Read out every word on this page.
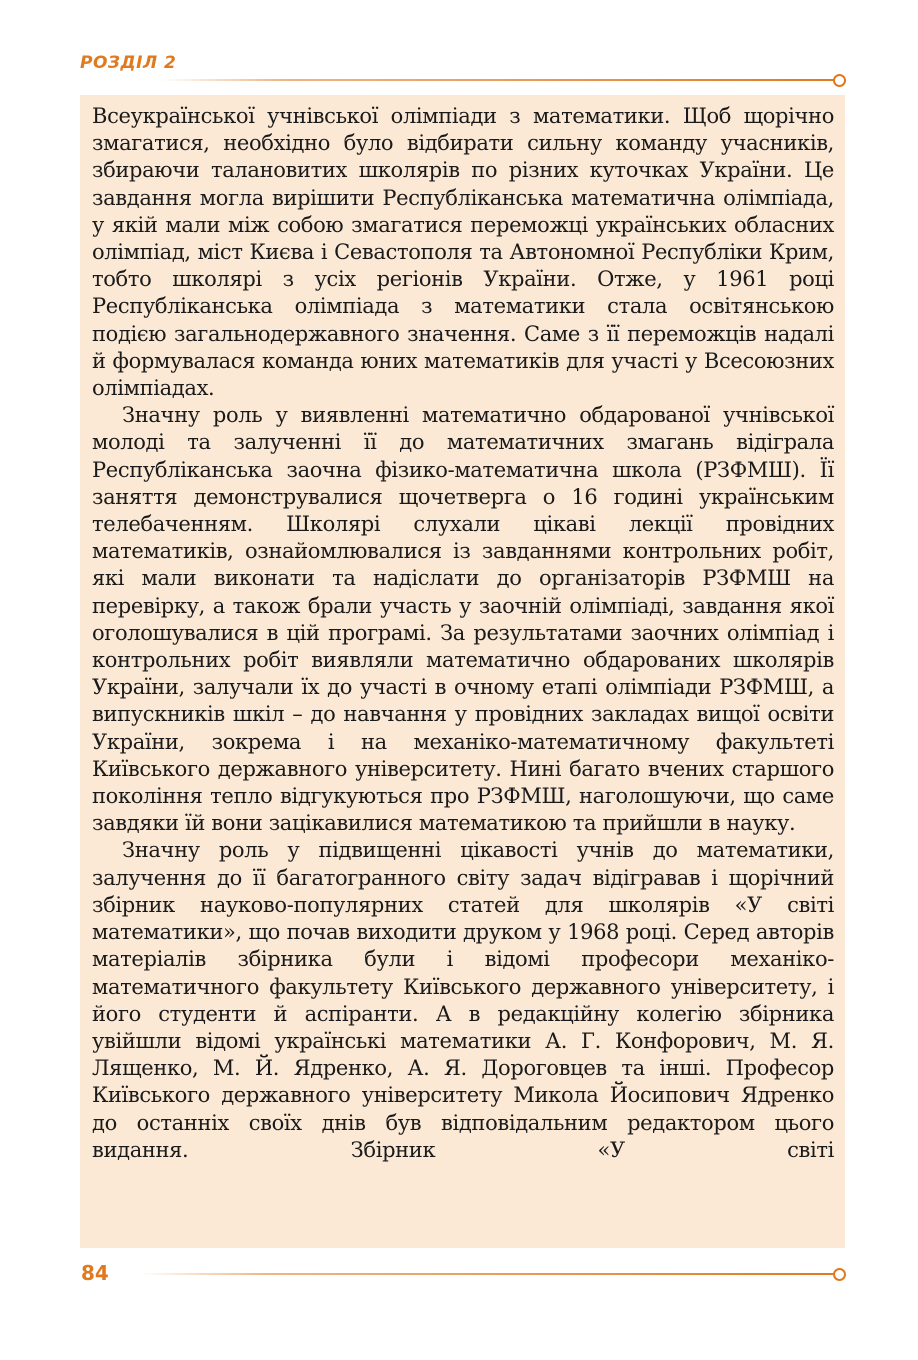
РОЗДІЛ 2

Всеукраїнської учнівської олімпіади з математики. Щоб щорічно змагатися, необхідно було відбирати сильну команду учасників, збираючи талановитих школярів по різних куточках України. Це завдання могла вирішити Республіканська математична олімпіада, у якій мали між собою змагатися переможці українських обласних олімпіад, міст Києва і Севастополя та Автономної Республіки Крим, тобто школярі з усіх регіонів України. Отже, у 1961 році Республіканська олімпіада з математики стала освітянською подією загальнодержавного значення. Саме з її переможців надалі й формувалася команда юних математиків для участі у Всесоюзних олімпіадах.

Значну роль у виявленні математично обдарованої учнівської молоді та залученні її до математичних змагань відіграла Республіканська заочна фізико-математична школа (РЗФМШ). Її заняття демонструвалися щочетверга о 16 годині українським телебаченням. Школярі слухали цікаві лекції провідних математиків, ознайомлювалися із завданнями контрольних робіт, які мали виконати та надіслати до організаторів РЗФМШ на перевірку, а також брали участь у заочній олімпіаді, завдання якої оголошувалися в цій програмі. За результатами заочних олімпіад і контрольних робіт виявляли математично обдарованих школярів України, залучали їх до участі в очному етапі олімпіади РЗФМШ, а випускників шкіл – до навчання у провідних закладах вищої освіти України, зокрема і на механіко-математичному факультеті Київського державного університету. Нині багато вчених старшого покоління тепло відгукуються про РЗФМШ, наголошуючи, що саме завдяки їй вони зацікавилися математикою та прийшли в науку.

Значну роль у підвищенні цікавості учнів до математики, залучення до її багатогранного світу задач відігравав і щорічний збірник науково-популярних статей для школярів «У світі математики», що почав виходити друком у 1968 році. Серед авторів матеріалів збірника були і відомі професори механіко-математичного факультету Київського державного університету, і його студенти й аспіранти. А в редакційну колегію збірника увійшли відомі українські математики А. Г. Конфорович, М. Я. Лященко, М. Й. Ядренко, А. Я. Дороговцев та інші. Професор Київського державного університету Микола Йосипович Ядренко до останніх своїх днів був відповідальним редактором цього видання. Збірник «У світі

84
